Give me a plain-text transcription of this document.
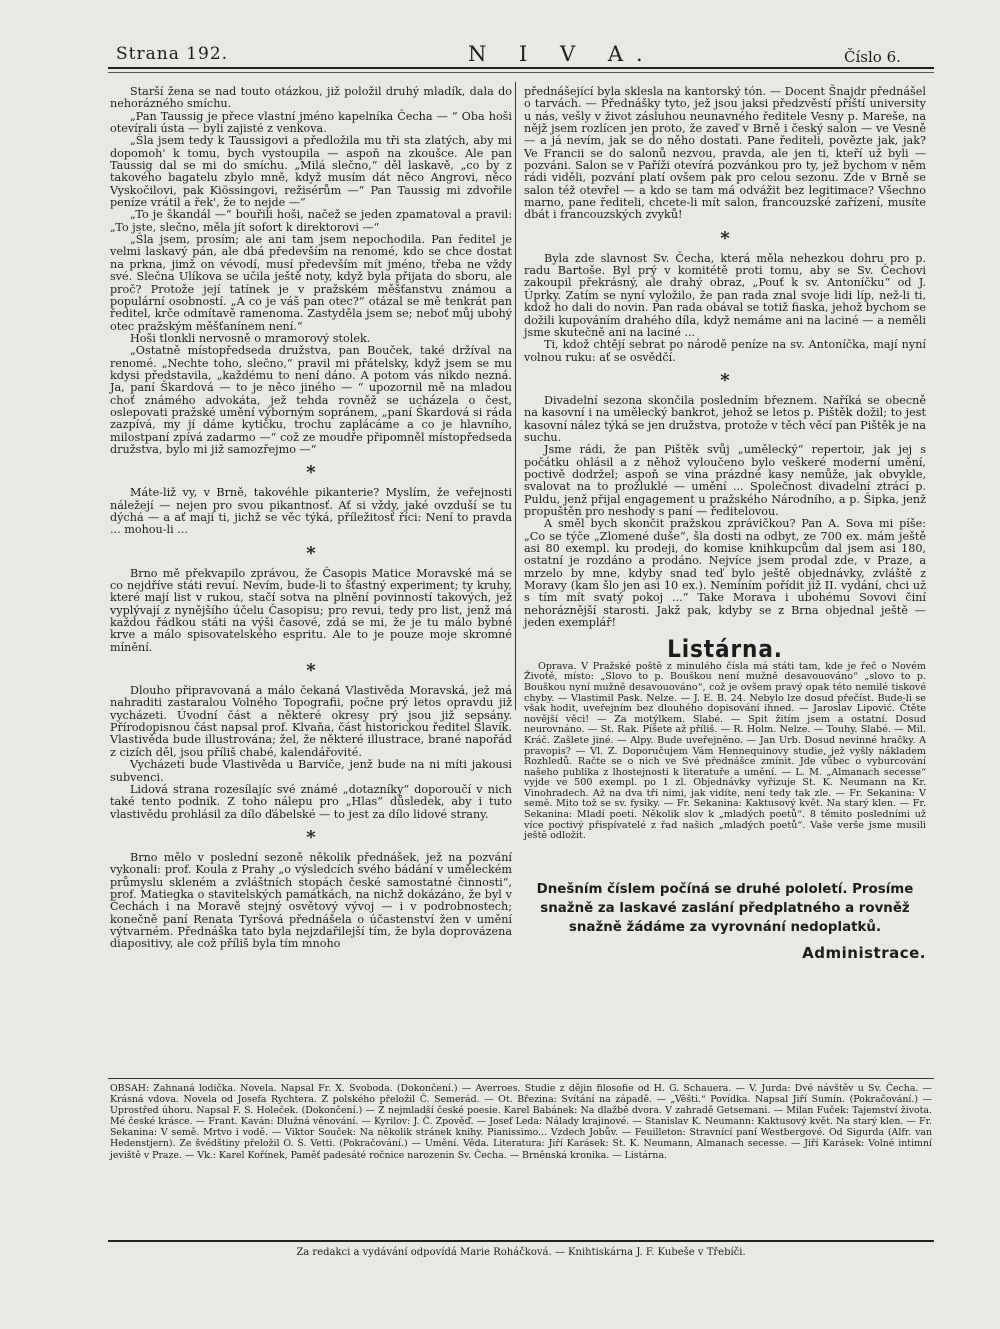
Strana 192.	N I V A.	Číslo 6.

Starší žena se nad touto otázkou, již položil druhý mladík, dala do nehorázného smíchu.

„Pan Taussig je přece vlastní jméno kapelníka Čecha — “ Oba hoši otevírali ústa — byli zajisté z venkova.

„Šla jsem tedy k Taussigovi a předložila mu tři sta zlatých, aby mi dopomoh' k tomu, bych vystoupila — aspoň na zkoušce. Ale pan Taussig dal se mi do smíchu. „Milá slečno,“ děl laskavě, „co by z takového bagatelu zbylo mně, když musím dát něco Angrovi, něco Vyskočilovi, pak Kiössingovi, režisérům —“ Pan Taussig mi zdvořile peníze vrátil a řek', že to nejde —“

„To je škandál —“ bouřili hoši, načež se jeden zpamatoval a pravil: „To jste, slečno, měla jít sofort k direktorovi —“

„Šla jsem, prosím; ale ani tam jsem nepochodila. Pan ředitel je velmi laskavý pán, ale dbá především na renomé, kdo se chce dostat na prkna, jimž on vévodí, musí především mít jméno, třeba ne vždy své. Slečna Ulíkova se učila ještě noty, když byla přijata do sboru, ale proč? Protože její tatínek je v pražském měšťanstvu známou a populární osobností. „A co je váš pan otec?“ otázal se mě tenkrát pan ředitel, krče odmítavě ramenoma. Zastyděla jsem se; neboť můj ubohý otec pražským měšťanínem není.“

Hoši tlonkli nervosně o mramorový stolek.

„Ostatně místopředseda družstva, pan Bouček, také držíval na renomé. „Nechte toho, slečno,“ pravil mi přátelsky, když jsem se mu kdysi představila, „každému to není dáno. A potom vás nikdo nezná. Ja, paní Škardová — to je něco jiného — “ upozornil mě na mladou choť známého advokáta, jež tehda rovněž se ucházela o čest, oslepovati pražské umění výborným sopránem, „paní Škardová si ráda zazpívá, my jí dáme kytičku, trochu zaplácáme a co je hlavního, milostpaní zpívá zadarmo —“ což ze moudře připomněl místopředseda družstva, bylo mi již samozřejmo —“

*

Máte-liž vy, v Brně, takovéhle pikanterie? Myslím, že veřejnosti náležejí — nejen pro svou pikantnosť. Ať si vždy, jaké ovzduší se tu dýchá — a ať mají ti, jichž se věc týká, příležitosť říci: Není to pravda ... mohou-li ...

*

Brno mě překvapilo zprávou, že Časopis Matice Moravské má se co nejdříve státi revuí. Nevím, bude-li to šťastný experiment; ty kruhy, které mají list v rukou, stačí sotva na plnění povinností takových, jež vyplývají z nynějšího účelu Časopisu; pro revui, tedy pro list, jenž má každou řádkou státi na výši časové, zdá se mi, že je tu málo bybné krve a málo spisovatelského espritu. Ale to je pouze moje skromné mínění.

*

Dlouho připravovaná a málo čekaná Vlastivěda Moravská, jež má nahraditi zastaralou Volného Topografii, počne prý letos opravdu již vycházeti. Úvodní část a některé okresy prý jsou již sepsány. Přírodopisnou část napsal prof. Klvaňa, část historickou ředitel Slavík. Vlastivěda bude illustrována; žel, že některé illustrace, brané napořád z cizích děl, jsou příliš chabé, kalendářovité.

Vycházeti bude Vlastivěda u Barviče, jenž bude na ni míti jakousi subvenci.

Lidová strana rozesílajíc své známé „dotazníky“ doporoučí v nich také tento podnik. Z toho nálepu pro „Hlas“ důsledek, aby i tuto vlastivědu prohlásil za dílo ďábelské — to jest za dílo lidové strany.

*

Brno mělo v poslední sezoně několik přednášek, jež na pozvání vykonali: prof. Koula z Prahy „o výsledcích svého bádání v uměleckém průmyslu skleném a zvláštních stopách české samostatné činnosti“, prof. Matiegka o stavitelských památkách, na nichž dokázáno, že byl v Čechách i na Moravě stejný osvětový vývoj — i v podrobnostech; konečně paní Renata Tyršová přednášela o účastenství žen v umění výtvarném. Přednáška tato byla nejzdařilejší tím, že byla doprovázena diapositivy, ale což příliš byla tím mnoho

přednášející byla sklesla na kantorský tón. — Docent Šnajdr přednášel o tarvách. — Přednášky tyto, jež jsou jaksi předzvěstí příští university u nás, vešly v život zásluhou neunavného ředitele Vesny p. Mareše, na nějž jsem rozlícen jen proto, že zaveď v Brně i český salon — ve Vesně — a já nevím, jak se do něho dostati. Pane řediteli, povězte jak, jak? Ve Francii se do salonů nezvou, pravda, ale jen ti, kteří už byli — pozváni. Salon se v Paříži otevírá pozvánkou pro ty, jež bychom v něm rádi viděli, pozvání platí ovšem pak pro celou sezonu. Zde v Brně se salon též otevřel — a kdo se tam má odvážit bez legitimace? Všechno marno, pane řediteli, chcete-li mít salon, francouzské zařízení, musíte dbát i francouzských zvyků!

*

Byla zde slavnost Sv. Čecha, která měla nehezkou dohru pro p. radu Bartoše. Byl prý v komitétě proti tomu, aby se Sv. Čechovi zakoupil překrásný, ale drahý obraz, „Pouť k sv. Antoníčku“ od J. Úprky. Zatím se nyní vyložilo, že pan rada znal svoje lidi líp, než-li ti, kdož ho dali do novin. Pan rada obával se totiž fiaska, jehož bychom se dožili kupováním drahého díla, když nemáme ani na laciné — a neměli jsme skutečně ani na laciné ...

Ti, kdož chtějí sebrat po národě peníze na sv. Antoníčka, mají nyní volnou ruku: ať se osvědčí.

*

Divadelní sezona skončila posledním březnem. Naříká se obecně na kasovní i na umělecký bankrot, jehož se letos p. Pištěk dožil; to jest kasovní nález týká se jen družstva, protože v těch věcí pan Pištěk je na suchu.

Jsme rádi, že pan Pištěk svůj „umělecký“ repertoir, jak jej s počátku ohlásil a z něhož vyloučeno bylo veškeré moderní umění, poctivě dodržel; aspoň se vina prázdné kasy nemůže, jak obvykle, svalovat na to prožluklé — umění ... Společnost divadelní ztrácí p. Puldu, jenž přijal engagement u pražského Národního, a p. Šipka, jenž propuštěn pro neshody s paní — ředitelovou.

A směl bych skončit pražskou zprávičkou? Pan A. Sova mi píše: „Co se týče „Zlomené duše“, šla dosti na odbyt, ze 700 ex. mám ještě asi 80 exempl. ku prodeji, do komise knihkupcům dal jsem asi 180, ostatní je rozdáno a prodáno. Nejvíce jsem prodal zde, v Praze, a mrzelo by mne, kdyby snad teď bylo ještě objednávky, zvláště z Moravy (kam šlo jen asi 10 ex.). Nemíním pořídit již II. vydání, chci už s tím mít svatý pokoj ...“ Take Morava i ubohému Sovovi činí nehoráznější starosti. Jakž pak, kdyby se z Brna objednal ještě — jeden exemplář!

Listárna.

Oprava. V Pražské poště z minulého čísla má státi tam, kde je řeč o Novém Životě, místo: „Slovo to p. Bouškou není mužně desavouováno“ „slovo to p. Bouškou nyní mužně desavouováno“, což je ovšem pravý opak této nemilé tiskové chyby. — Vlastimil Pask. Nelze. — J. E. B. 24. Nebylo lze dosud přečíst. Bude-li se však hodit, uveřejním bez dlouhého dopisování ihned. — Jaroslav Lipović. Čtěte novější věci! — Za motýlkem. Slabé. — Spit žitím jsem a ostatní. Dosud neurovnáno. — St. Rak. Píšete až příliš. — R. Holm. Nelze. — Touhy. Slabé. — Mil. Kráč. Zašlete jiné. — Alpy. Bude uveřejněno. — Jan Urb. Dosud nevinné hračky. A pravopis? — Vl. Z. Doporučujem Vám Hennequinovy studie, jež vyšly nákladem Rozhledů. Račte se o nich ve Své přednášce zmínit. Jde vůbec o vyburcování našeho publika z lhostejnosti k literatuře a umění. — L. M. „Almanach secesse“ vyjde ve 500 exempl. po 1 zl. Objednávky vyřizuje St. K. Neumann na Kr. Vinohradech. Až na dva tři nimi, jak vidíte, není tedy tak zle. — Fr. Sekanina: V semě. Mito tož se sv. fysiky. — Fr. Sekanina: Kaktusový květ. Na starý klen. — Fr. Sekanina: Mladí poeti. Několik slov k „mladých poetů“. 8 těmito posledními už více poctivý přispívatelé z řad našich „mladých poetů“. Vaše verše jsme musili ještě odložit.

Dnešním číslem počíná se druhé pololetí. Prosíme snažně za laskavé zaslání předplatného a rovněž snažně žádáme za vyrovnání nedoplatků.
Administrace.
OBSAH: Zahnaná lodička. Novela. Napsal Fr. X. Svoboda. (Dokončení.) — Averroes. Studie z dějin filosofie od H. G. Schauera. — V. Jurda: Dvé návštěv u Sv. Čecha. — Krásná vdova. Novela od Josefa Rychtera. Z polského přeložil Č. Semerád. — Ot. Březina: Svítání na západě. — „Věšti.“ Povídka. Napsal Jiří Sumín. (Pokračování.) — Uprostřed úhoru. Napsal F. S. Holeček. (Dokončení.) — Z nejmladší české poesie. Karel Babánek: Na dlažbě dvora. V zahradě Getsemani. — Milan Fuček: Tajemství života. Mé české krásce. — Frant. Kaván: Dlužná věnování. — Kyrilov: J. Č. Zpověď. — Josef Leda: Nálady krajinové. — Stanislav K. Neumann: Kaktusový květ. Na starý klen. — Fr. Sekanina: V semě. Mrtvo i vodě. — Viktor Souček: Na několik stránek knihy. Pianissimo... Vzdech Jobův. — Feuilleton: Stravnící paní Westbergové. Od Sigurda (Alfr. van Hedenstjern). Ze švédštiny přeložil O. S. Vetti. (Pokračování.) — Umění. Věda. Literatura: Jiří Karásek: St. K. Neumann, Almanach secesse. — Jiří Karásek: Volné intimní jeviště v Praze. — Vk.: Karel Kořínek, Paměť padesáté ročnice narozenin Sv. Čecha. — Brněnská kronika. — Listárna.
Za redakci a vydávání odpovídá Marie Roháčková. — Knihtiskárna J. F. Kubeše v Třebíči.
